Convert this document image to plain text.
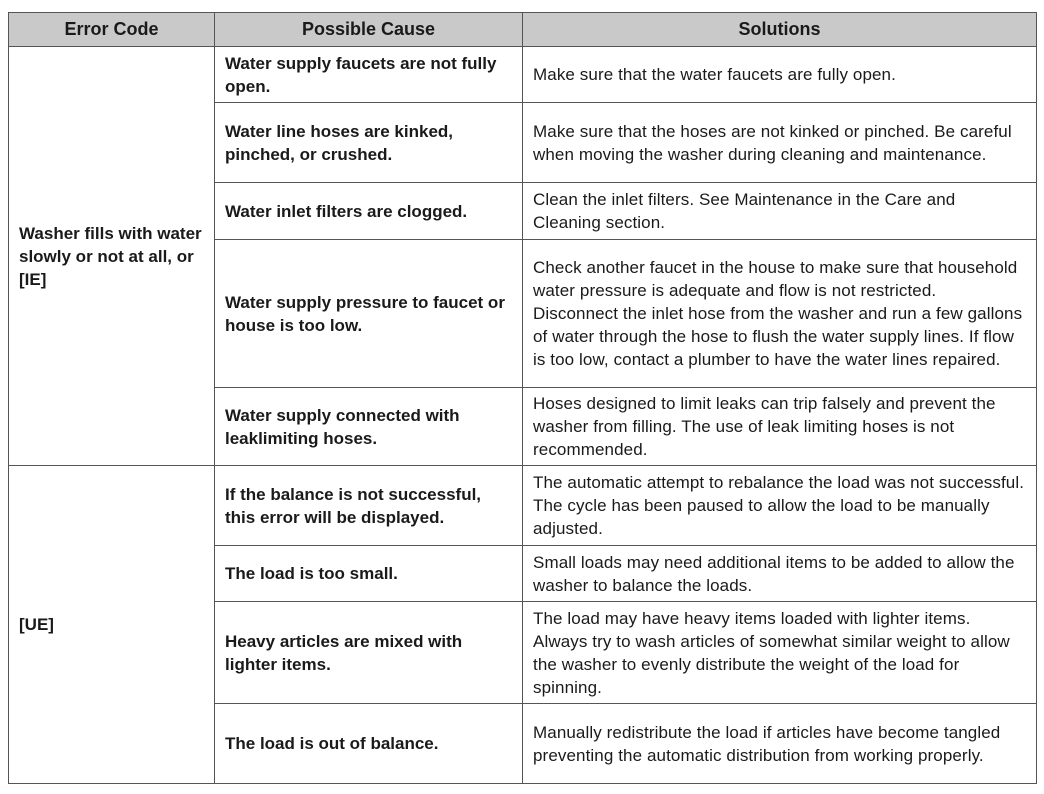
Error Code	Possible Cause	Solutions
Washer fills with water slowly or not at all, or [IE]	Water supply faucets are not fully open.	Make sure that the water faucets are fully open.
	Water line hoses are kinked, pinched, or crushed.	Make sure that the hoses are not kinked or pinched. Be careful when moving the washer during cleaning and maintenance.
	Water inlet filters are clogged.	Clean the inlet filters. See Maintenance in the Care and Cleaning section.
	Water supply pressure to faucet or house is too low.	Check another faucet in the house to make sure that household water pressure is adequate and flow is not restricted. Disconnect the inlet hose from the washer and run a few gallons of water through the hose to flush the water supply lines. If flow is too low, contact a plumber to have the water lines repaired.
	Water supply connected with leaklimiting hoses.	Hoses designed to limit leaks can trip falsely and prevent the washer from filling. The use of leak limiting hoses is not recommended.
[UE]	If the balance is not successful, this error will be displayed.	The automatic attempt to rebalance the load was not successful. The cycle has been paused to allow the load to be manually adjusted.
	The load is too small.	Small loads may need additional items to be added to allow the washer to balance the loads.
	Heavy articles are mixed with lighter items.	The load may have heavy items loaded with lighter items. Always try to wash articles of somewhat similar weight to allow the washer to evenly distribute the weight of the load for spinning.
	The load is out of balance.	Manually redistribute the load if articles have become tangled preventing the automatic distribution from working properly.
